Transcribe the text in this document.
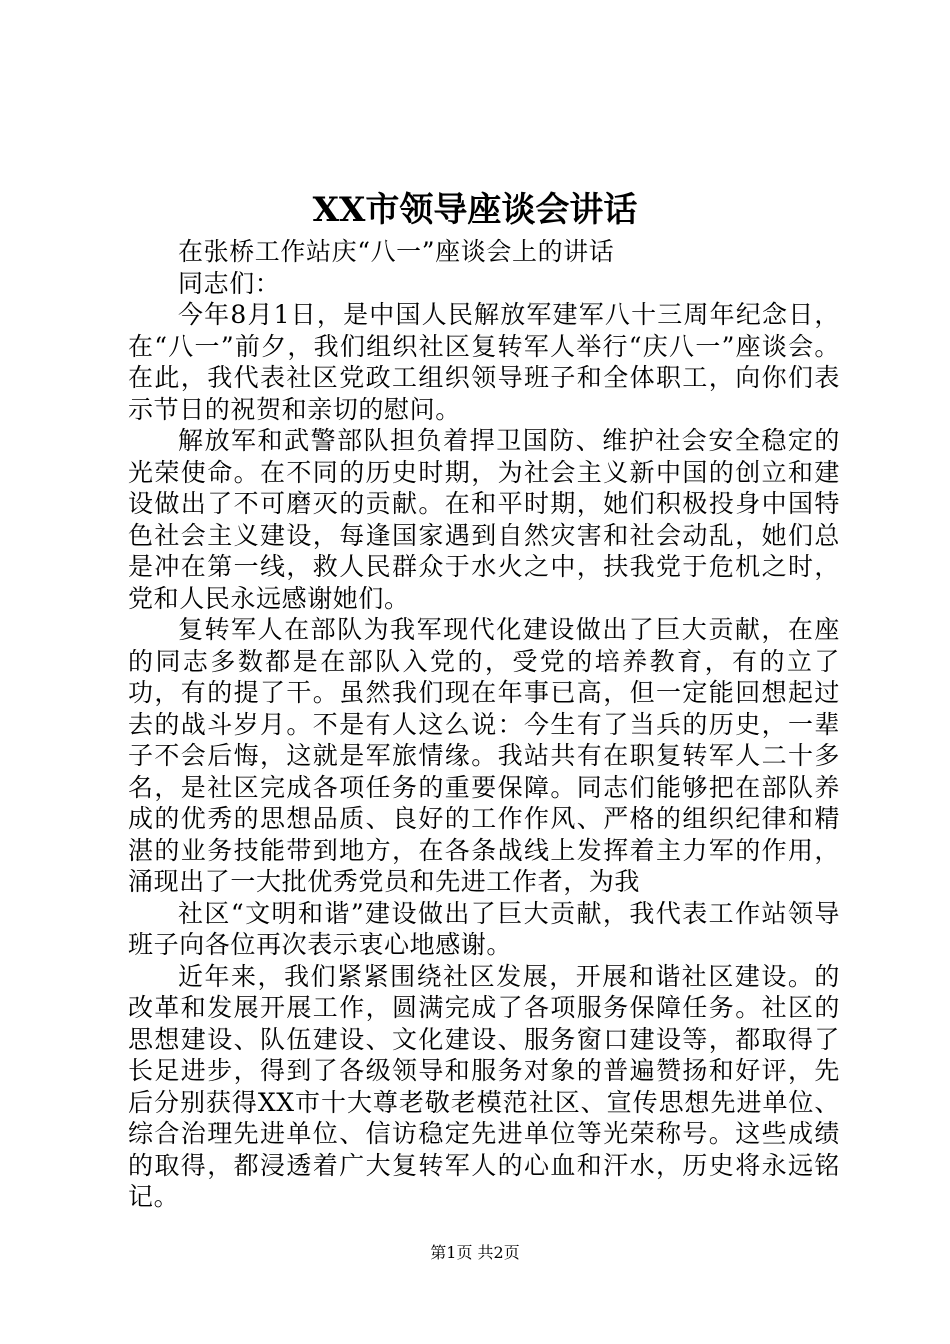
XX市领导座谈会讲话

在张桥工作站庆“八一”座谈会上的讲话

同志们：

今年8月1日，是中国人民解放军建军八十三周年纪念日，在“八一”前夕，我们组织社区复转军人举行“庆八一”座谈会。在此，我代表社区党政工组织领导班子和全体职工，向你们表示节日的祝贺和亲切的慰问。

解放军和武警部队担负着捍卫国防、维护社会安全稳定的光荣使命。在不同的历史时期，为社会主义新中国的创立和建设做出了不可磨灭的贡献。在和平时期，她们积极投身中国特色社会主义建设，每逢国家遇到自然灾害和社会动乱，她们总是冲在第一线，救人民群众于水火之中，扶我党于危机之时，党和人民永远感谢她们。

复转军人在部队为我军现代化建设做出了巨大贡献，在座的同志多数都是在部队入党的，受党的培养教育，有的立了功，有的提了干。虽然我们现在年事已高，但一定能回想起过去的战斗岁月。不是有人这么说：今生有了当兵的历史，一辈子不会后悔，这就是军旅情缘。我站共有在职复转军人二十多名，是社区完成各项任务的重要保障。同志们能够把在部队养成的优秀的思想品质、良好的工作作风、严格的组织纪律和精湛的业务技能带到地方，在各条战线上发挥着主力军的作用，涌现出了一大批优秀党员和先进工作者，为我

社区“文明和谐”建设做出了巨大贡献，我代表工作站领导班子向各位再次表示衷心地感谢。

近年来，我们紧紧围绕社区发展，开展和谐社区建设。的改革和发展开展工作，圆满完成了各项服务保障任务。社区的思想建设、队伍建设、文化建设、服务窗口建设等，都取得了长足进步，得到了各级领导和服务对象的普遍赞扬和好评，先后分别获得XX市十大尊老敬老模范社区、宣传思想先进单位、综合治理先进单位、信访稳定先进单位等光荣称号。这些成绩的取得，都浸透着广大复转军人的心血和汗水，历史将永远铭记。

第1页 共2页
